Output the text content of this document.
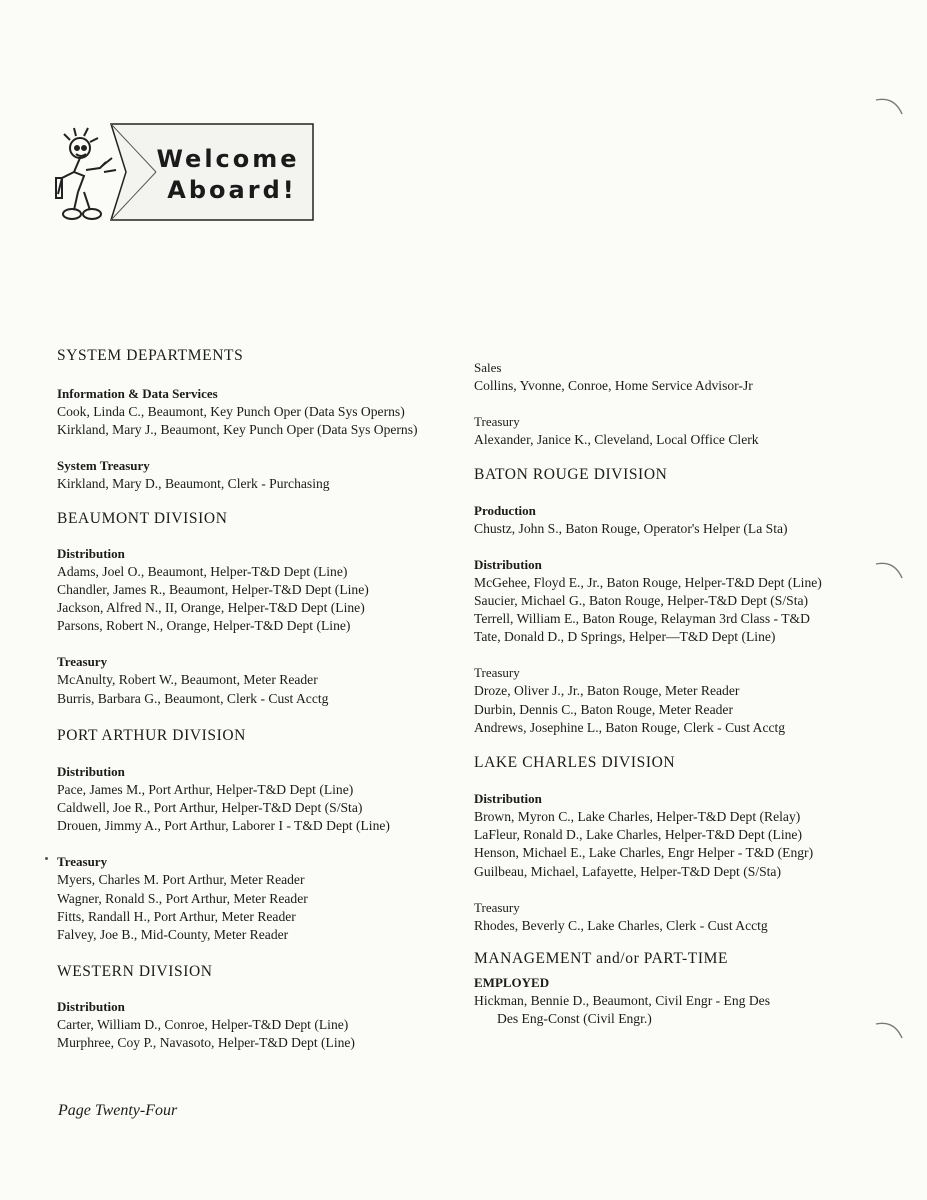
Welcome
Aboard!

SYSTEM DEPARTMENTS

Information & Data Services

Cook, Linda C., Beaumont, Key Punch Oper (Data Sys Operns)

Kirkland, Mary J., Beaumont, Key Punch Oper (Data Sys Operns)

System Treasury

Kirkland, Mary D., Beaumont, Clerk - Purchasing

BEAUMONT DIVISION

Distribution

Adams, Joel O., Beaumont, Helper-T&D Dept (Line)

Chandler, James R., Beaumont, Helper-T&D Dept (Line)

Jackson, Alfred N., II, Orange, Helper-T&D Dept (Line)

Parsons, Robert N., Orange, Helper-T&D Dept (Line)

Treasury

McAnulty, Robert W., Beaumont, Meter Reader

Burris, Barbara G., Beaumont, Clerk - Cust Acctg

PORT ARTHUR DIVISION

Distribution

Pace, James M., Port Arthur, Helper-T&D Dept (Line)

Caldwell, Joe R., Port Arthur, Helper-T&D Dept (S/Sta)

Drouen, Jimmy A., Port Arthur, Laborer I - T&D Dept (Line)

Treasury

Myers, Charles M. Port Arthur, Meter Reader

Wagner, Ronald S., Port Arthur, Meter Reader

Fitts, Randall H., Port Arthur, Meter Reader

Falvey, Joe B., Mid-County, Meter Reader

WESTERN DIVISION

Distribution

Carter, William D., Conroe, Helper-T&D Dept (Line)

Murphree, Coy P., Navasoto, Helper-T&D Dept (Line)

Sales

Collins, Yvonne, Conroe, Home Service Advisor-Jr

Treasury

Alexander, Janice K., Cleveland, Local Office Clerk

BATON ROUGE DIVISION

Production

Chustz, John S., Baton Rouge, Operator's Helper (La Sta)

Distribution

McGehee, Floyd E., Jr., Baton Rouge, Helper-T&D Dept (Line)

Saucier, Michael G., Baton Rouge, Helper-T&D Dept (S/Sta)

Terrell, William E., Baton Rouge, Relayman 3rd Class - T&D

Tate, Donald D., D Springs, Helper—T&D Dept (Line)

Treasury

Droze, Oliver J., Jr., Baton Rouge, Meter Reader

Durbin, Dennis C., Baton Rouge, Meter Reader

Andrews, Josephine L., Baton Rouge, Clerk - Cust Acctg

LAKE CHARLES DIVISION

Distribution

Brown, Myron C., Lake Charles, Helper-T&D Dept (Relay)

LaFleur, Ronald D., Lake Charles, Helper-T&D Dept (Line)

Henson, Michael E., Lake Charles, Engr Helper - T&D (Engr)

Guilbeau, Michael, Lafayette, Helper-T&D Dept (S/Sta)

Treasury

Rhodes, Beverly C., Lake Charles, Clerk - Cust Acctg

MANAGEMENT and/or PART-TIME

EMPLOYED

Hickman, Bennie D., Beaumont, Civil Engr - Eng Des

Des Eng-Const (Civil Engr.)

Page Twenty-Four
